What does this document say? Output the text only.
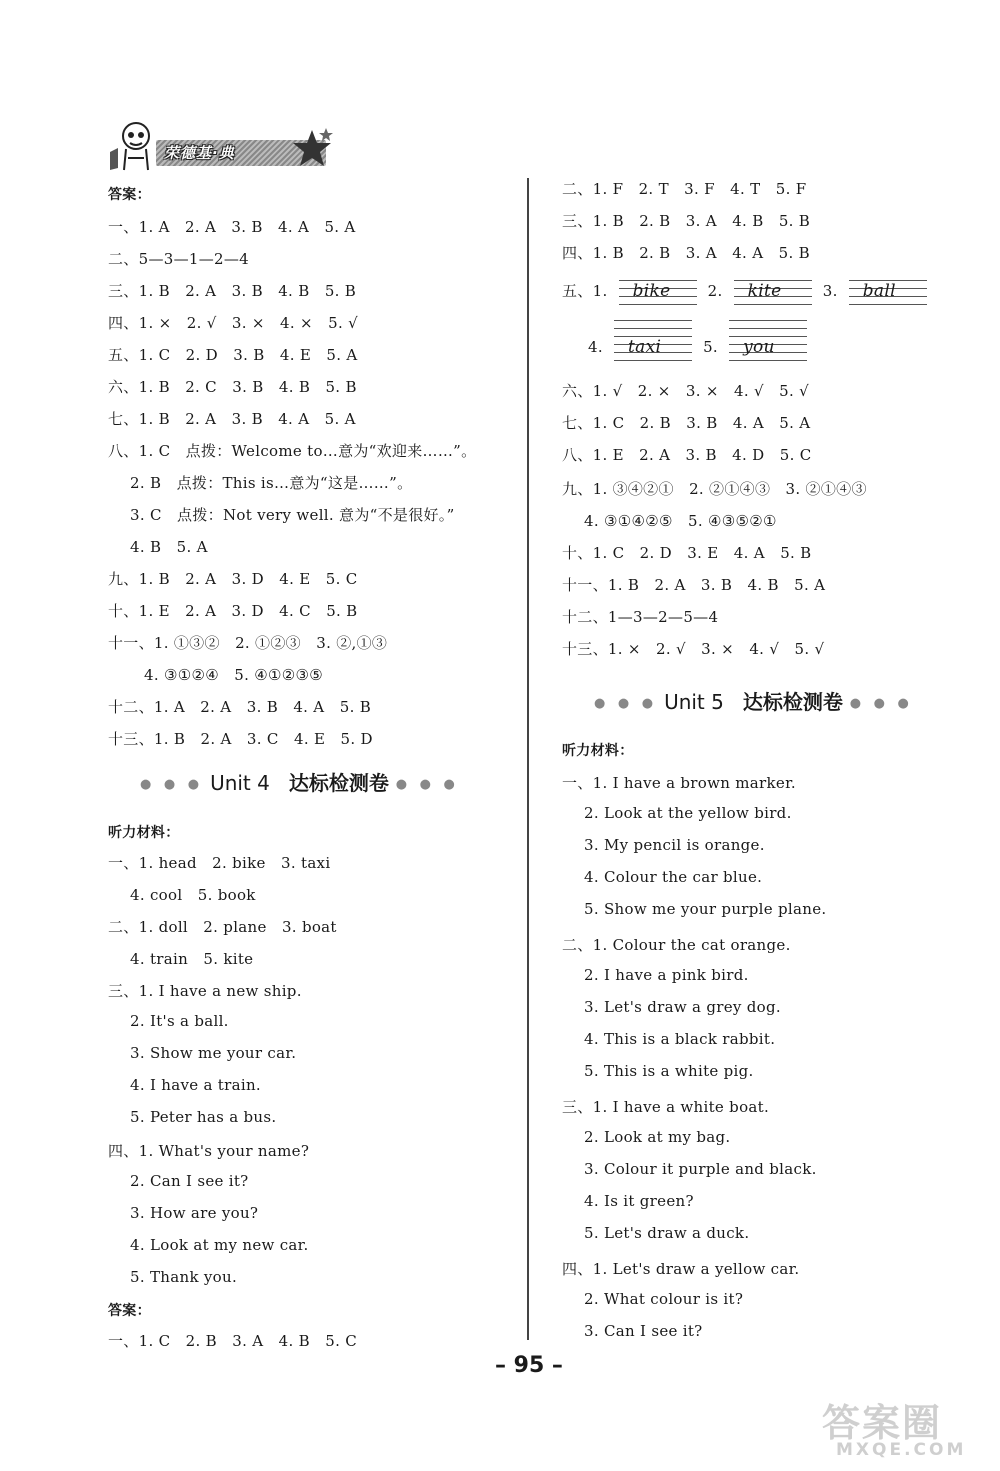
荣德基·典
答案：
一、1. A　2. A　3. B　4. A　5. A
二、5—3—1—2—4
三、1. B　2. A　3. B　4. B　5. B
四、1. ×　2. √　3. ×　4. ×　5. √
五、1. C　2. D　3. B　4. E　5. A
六、1. B　2. C　3. B　4. B　5. B
七、1. B　2. A　3. B　4. A　5. A
八、1. C　点拨：Welcome to…意为“欢迎来……”。
2. B　点拨：This is…意为“这是……”。
3. C　点拨：Not very well. 意为“不是很好。”
4. B　5. A
九、1. B　2. A　3. D　4. E　5. C
十、1. E　2. A　3. D　4. C　5. B
十一、1. ①③②　2. ①②③　3. ②,①③
4. ③①②④　5. ④①②③⑤
十二、1. A　2. A　3. B　4. A　5. B
十三、1. B　2. A　3. C　4. E　5. D
● ● ● Unit 4 达标检测卷 ● ● ●
听力材料：
一、1. head　2. bike　3. taxi
4. cool　5. book
二、1. doll　2. plane　3. boat
4. train　5. kite
三、1. I have a new ship.
2. It's a ball.
3. Show me your car.
4. I have a train.
5. Peter has a bus.
四、1. What's your name?
2. Can I see it?
3. How are you?
4. Look at my new car.
5. Thank you.
答案：
一、1. C　2. B　3. A　4. B　5. C
二、1. F　2. T　3. F　4. T　5. F
三、1. B　2. B　3. A　4. B　5. B
四、1. B　2. B　3. A　4. A　5. B
五、1. bike 2. kite	3. ball
4. taxi	5. you
六、1. √　2. ×　3. ×　4. √　5. √
七、1. C　2. B　3. B　4. A　5. A
八、1. E　2. A　3. B　4. D　5. C
九、1. ③④②①　2. ②①④③　3. ②①④③
4. ③①④②⑤　5. ④③⑤②①
十、1. C　2. D　3. E　4. A　5. B
十一、1. B　2. A　3. B　4. B　5. A
十二、1—3—2—5—4
十三、1. ×　2. √　3. ×　4. √　5. √
● ● ● Unit 5 达标检测卷 ● ● ●
听力材料：
一、1. I have a brown marker.
2. Look at the yellow bird.
3. My pencil is orange.
4. Colour the car blue.
5. Show me your purple plane.
二、1. Colour the cat orange.
2. I have a pink bird.
3. Let's draw a grey dog.
4. This is a black rabbit.
5. This is a white pig.
三、1. I have a white boat.
2. Look at my bag.
3. Colour it purple and black.
4. Is it green?
5. Let's draw a duck.
四、1. Let's draw a yellow car.
2. What colour is it?
3. Can I see it?
– 95 –
答案圈
MXQE.COM
